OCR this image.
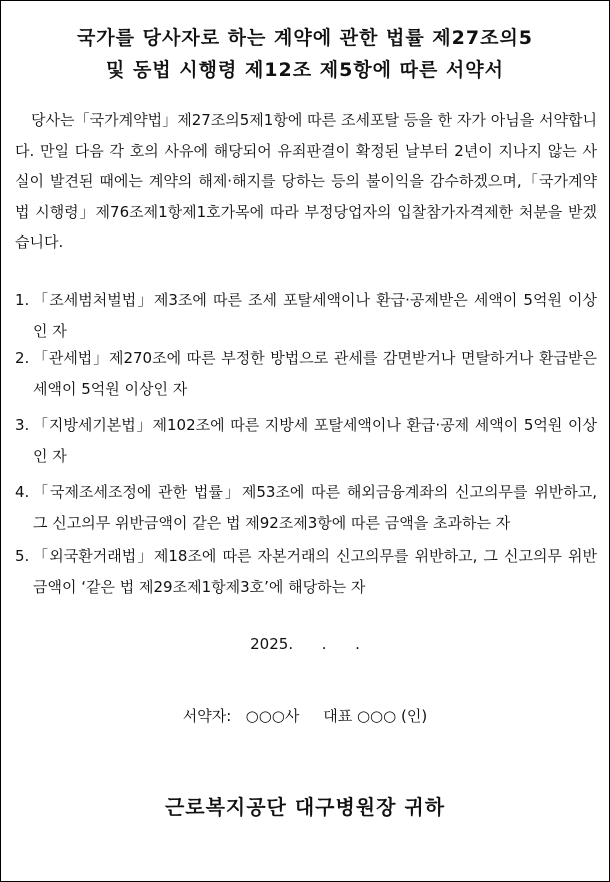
국가를 당사자로 하는 계약에 관한 법률 제27조의5
및 동법 시행령 제12조 제5항에 따른 서약서
당사는「국가계약법」제27조의5제1항에 따른 조세포탈 등을 한 자가 아님을 서약합니다. 만일 다음 각 호의 사유에 해당되어 유죄판결이 확정된 날부터 2년이 지나지 않는 사실이 발견된 때에는 계약의 해제·해지를 당하는 등의 불이익을 감수하겠으며,「국가계약법 시행령」제76조제1항제1호가목에 따라 부정당업자의 입찰참가자격제한 처분을 받겠습니다.
1. 「조세범처벌법」제3조에 따른 조세 포탈세액이나 환급·공제받은 세액이 5억원 이상인 자
2. 「관세법」제270조에 따른 부정한 방법으로 관세를 감면받거나 면탈하거나 환급받은 세액이 5억원 이상인 자
3. 「지방세기본법」제102조에 따른 지방세 포탈세액이나 환급·공제 세액이 5억원 이상인 자
4. 「국제조세조정에 관한 법률」제53조에 따른 해외금융계좌의 신고의무를 위반하고, 그 신고의무 위반금액이 같은 법 제92조제3항에 따른 금액을 초과하는 자
5. 「외국환거래법」제18조에 따른 자본거래의 신고의무를 위반하고, 그 신고의무 위반금액이 ‘같은 법 제29조제1항제3호’에 해당하는 자
2025.      .      .
서약자:   ○○○사     대표 ○○○ (인)
근로복지공단 대구병원장 귀하
